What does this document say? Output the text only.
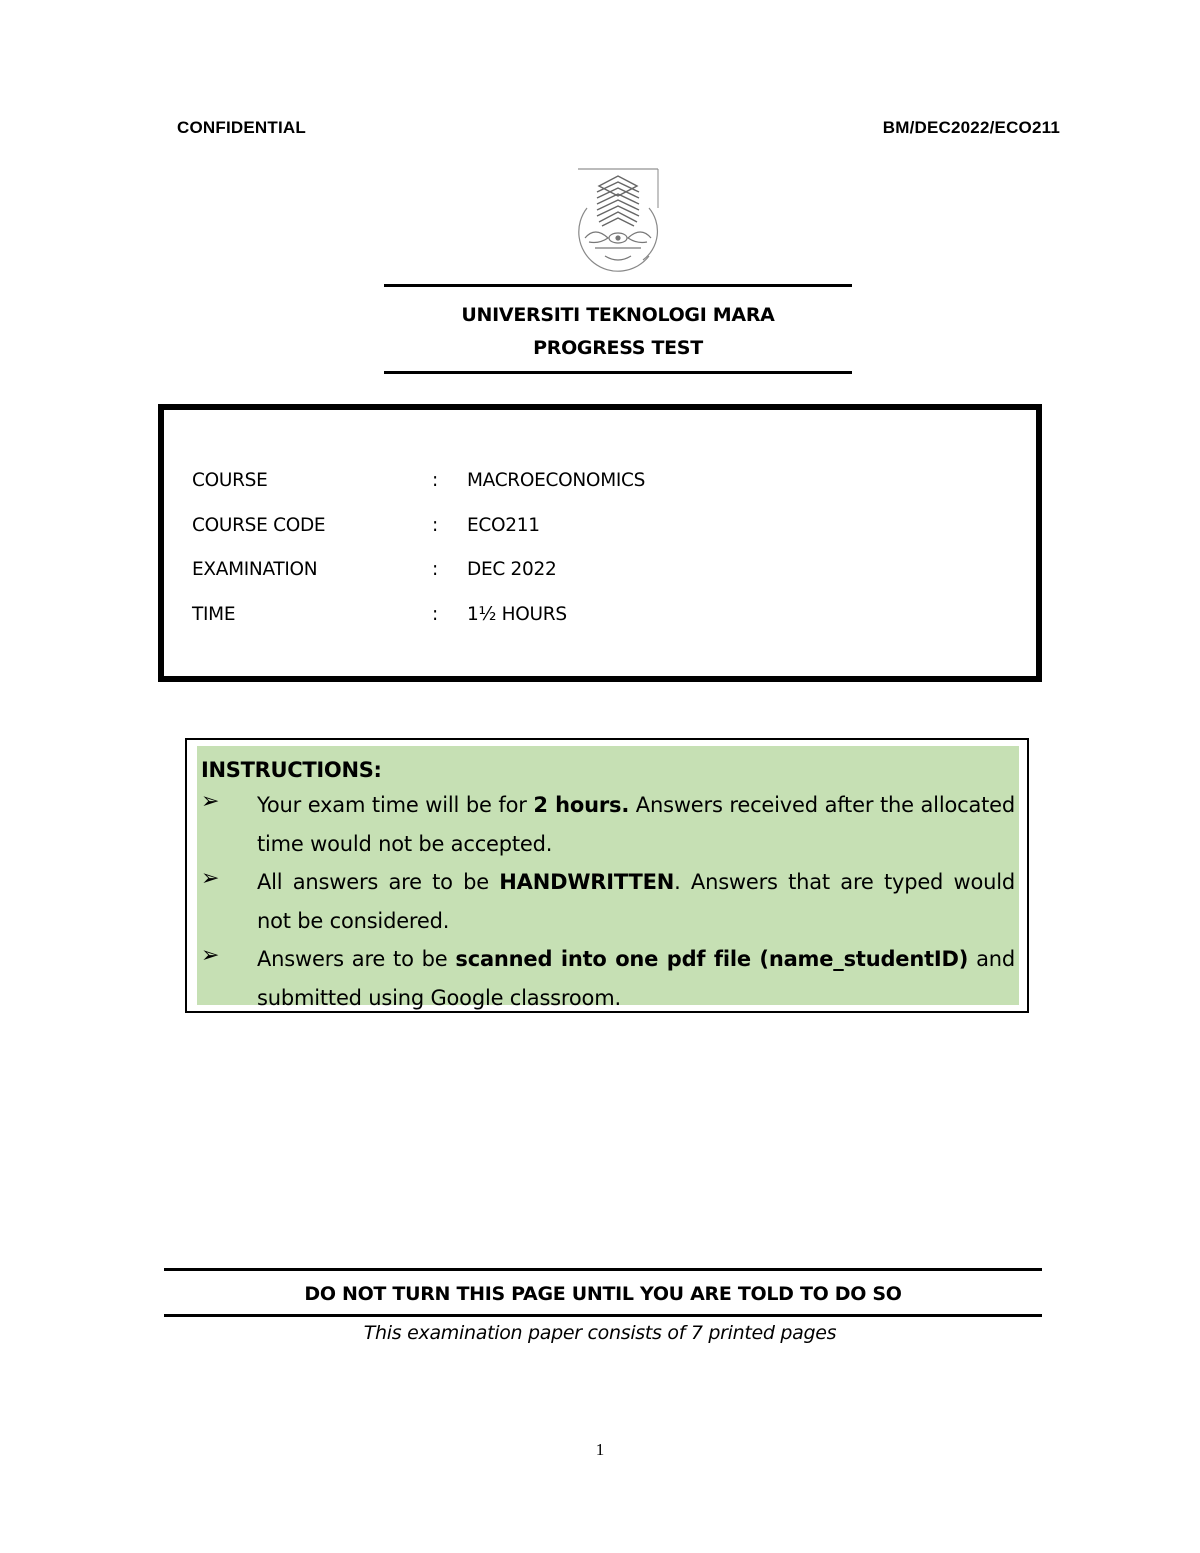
CONFIDENTIAL	BM/DEC2022/ECO211
UNIVERSITI TEKNOLOGI MARA
PROGRESS TEST
COURSE	: MACROECONOMICS
COURSE CODE	: ECO211
EXAMINATION	: DEC 2022
TIME	: 1½ HOURS
INSTRUCTIONS:
➢ Your exam time will be for 2 hours. Answers received after the allocated time would not be accepted.
➢ All answers are to be HANDWRITTEN. Answers that are typed would not be considered.
➢ Answers are to be scanned into one pdf file (name_studentID) and submitted using Google classroom.
DO NOT TURN THIS PAGE UNTIL YOU ARE TOLD TO DO SO
This examination paper consists of 7 printed pages
1
